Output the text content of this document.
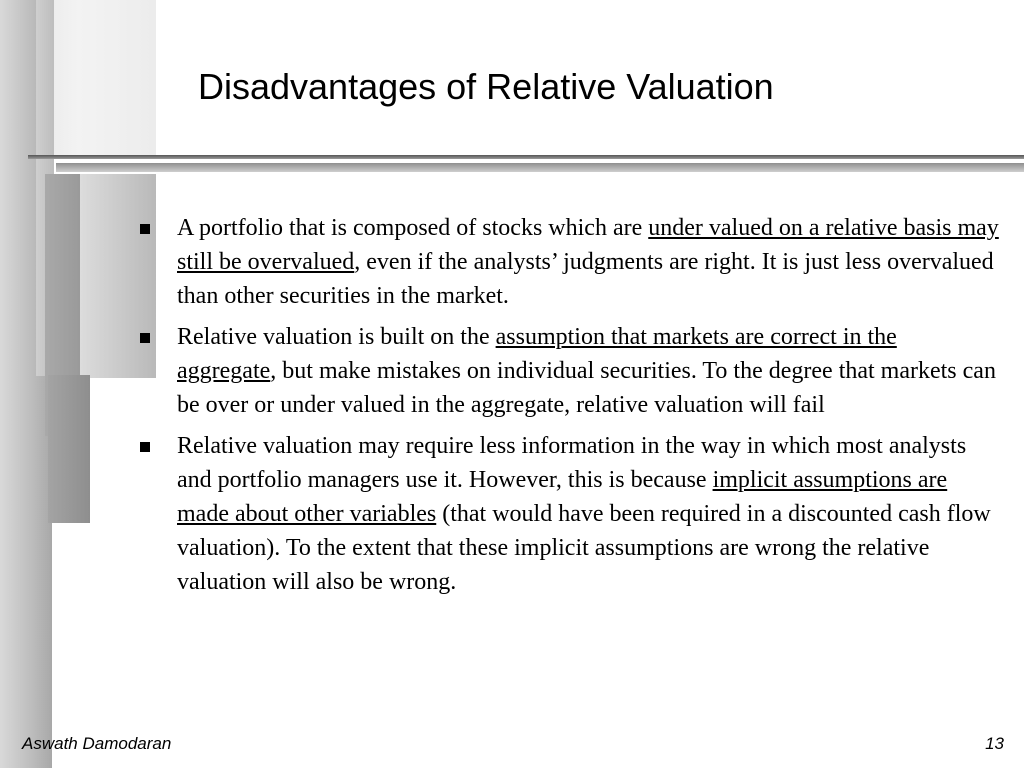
Disadvantages of Relative Valuation
A portfolio that is composed of stocks which are under valued on a relative basis may still be overvalued, even if the analysts’ judgments are right. It is just less overvalued than other securities in the market.
Relative valuation is built on the assumption that markets are correct in the aggregate, but make mistakes on individual securities. To the degree that markets can be over or under valued in the aggregate, relative valuation will fail
Relative valuation may require less information in the way in which most analysts and portfolio managers use it. However, this is because implicit assumptions are made about other variables (that would have been required in a discounted cash flow valuation). To the extent that these implicit assumptions are wrong the relative valuation will also be wrong.
Aswath Damodaran	13
